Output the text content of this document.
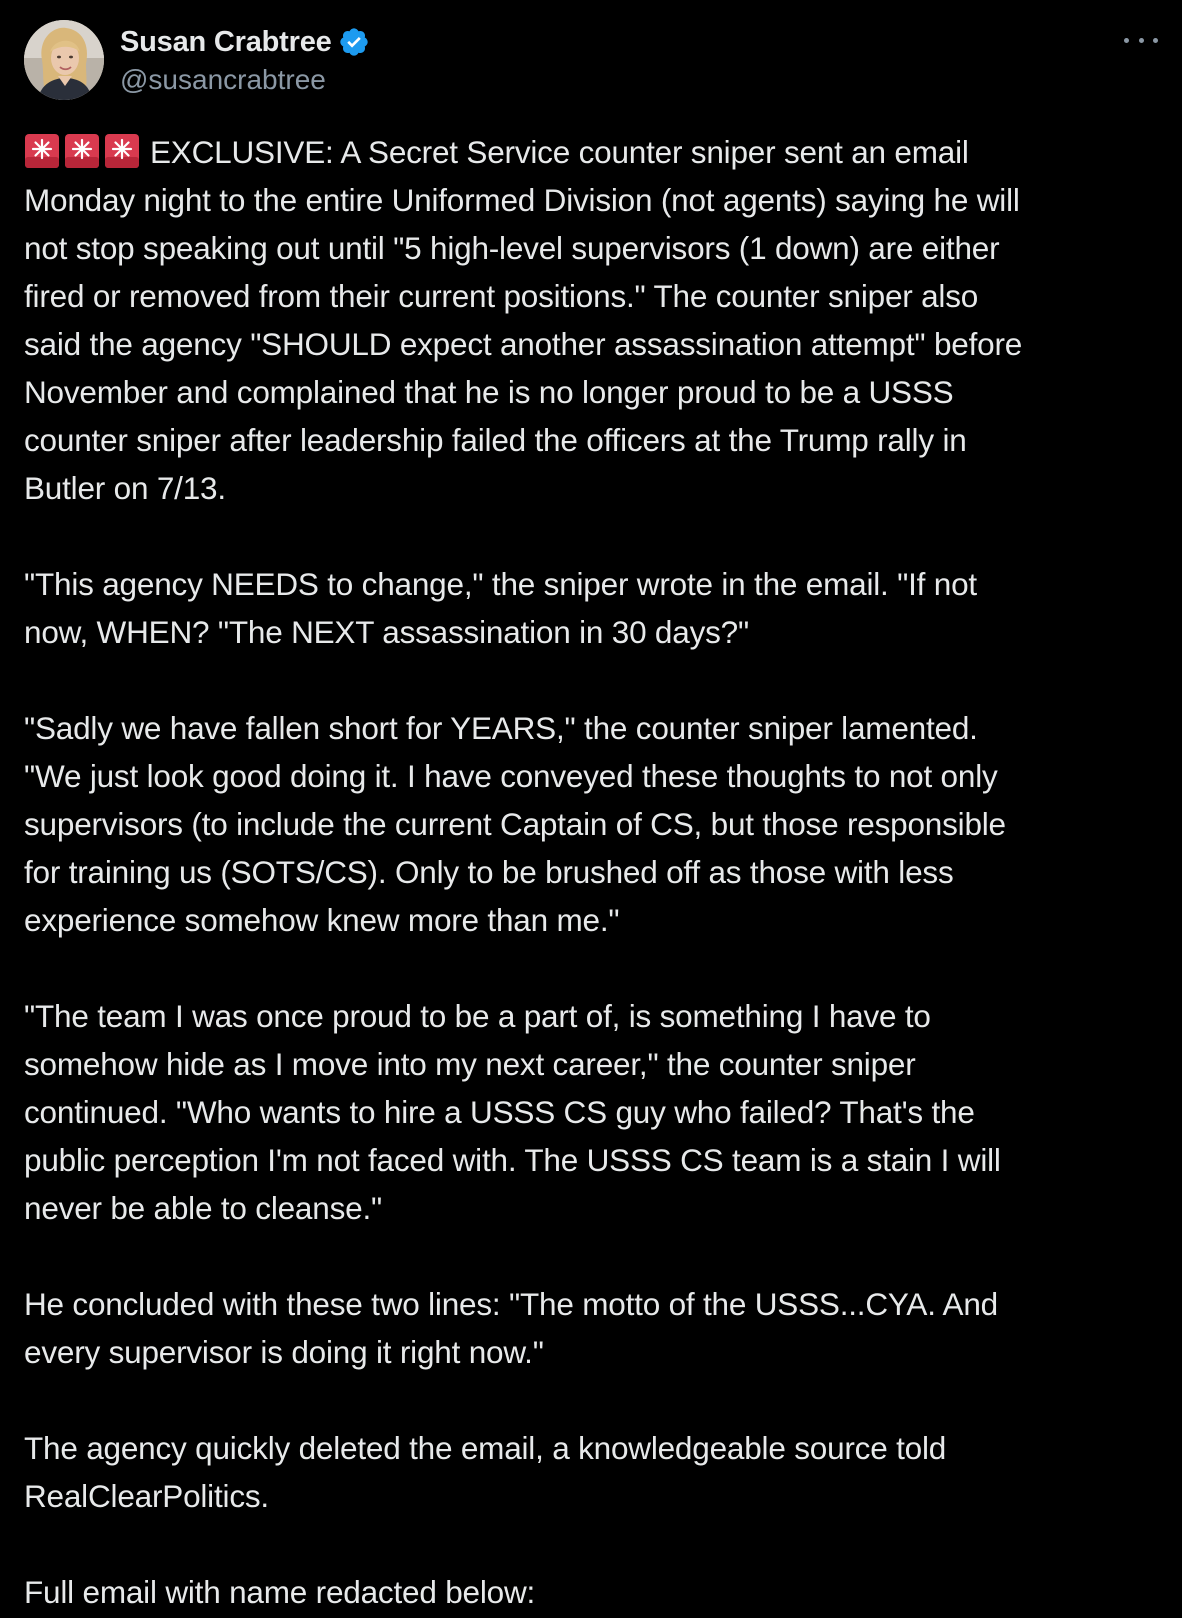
Susan Crabtree
@susancrabtree
EXCLUSIVE: A Secret Service counter sniper sent an email
Monday night to the entire Uniformed Division (not agents) saying he will
not stop speaking out until "5 high-level supervisors (1 down) are either
fired or removed from their current positions." The counter sniper also
said the agency "SHOULD expect another assassination attempt" before
November and complained that he is no longer proud to be a USSS
counter sniper after leadership failed the officers at the Trump rally in
Butler on 7/13.
"This agency NEEDS to change," the sniper wrote in the email. "If not
now, WHEN? "The NEXT assassination in 30 days?"
"Sadly we have fallen short for YEARS," the counter sniper lamented.
"We just look good doing it. I have conveyed these thoughts to not only
supervisors (to include the current Captain of CS, but those responsible
for training us (SOTS/CS). Only to be brushed off as those with less
experience somehow knew more than me."
"The team I was once proud to be a part of, is something I have to
somehow hide as I move into my next career," the counter sniper
continued. "Who wants to hire a USSS CS guy who failed? That's the
public perception I'm not faced with. The USSS CS team is a stain I will
never be able to cleanse."
He concluded with these two lines: "The motto of the USSS...CYA. And
every supervisor is doing it right now."
The agency quickly deleted the email, a knowledgeable source told
RealClearPolitics.
Full email with name redacted below:
